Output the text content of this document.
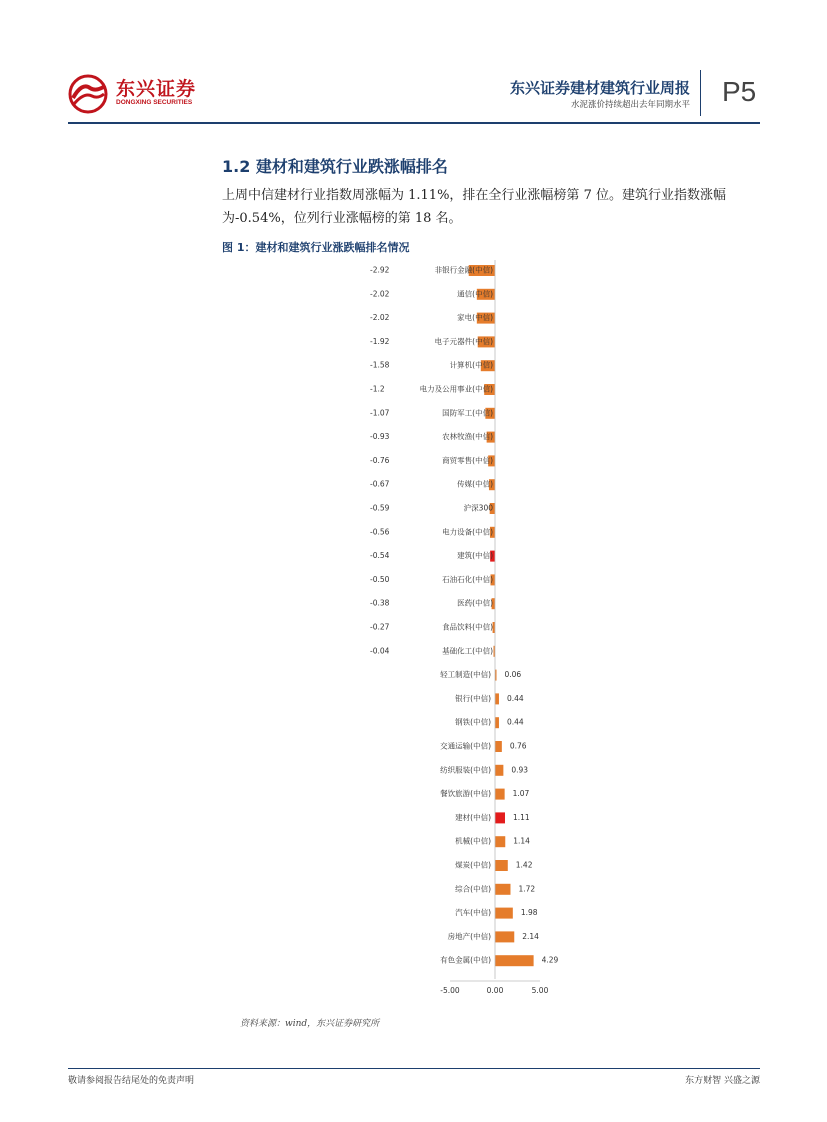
东兴证券
DONGXING SECURITIES
东兴证券建材建筑行业周报
水泥涨价持续超出去年同期水平 P5
1.2 建材和建筑行业跌涨幅排名
上周中信建材行业指数周涨幅为 1.11%，排在全行业涨幅榜第 7 位。建筑行业指数涨幅为-0.54%，位列行业涨幅榜的第 18 名。
图 1：建材和建筑行业涨跌幅排名情况
非银行金融(中信)
-2.92
通信(中信)
-2.02
家电(中信)
-2.02
电子元器件(中信)
-1.92
计算机(中信)
-1.58
电力及公用事业(中信)
-1.2
国防军工(中信)
-1.07
农林牧渔(中信)
-0.93
商贸零售(中信)
-0.76
传媒(中信)
-0.67
沪深300
-0.59
电力设备(中信)
-0.56
建筑(中信)
-0.54
石油石化(中信)
-0.50
医药(中信)
-0.38
食品饮料(中信)
-0.27
基础化工(中信)
-0.04
轻工制造(中信) 0.06
银行(中信) 0.44
钢铁(中信) 0.44
交通运输(中信)	0.76
纺织服装(中信)	0.93
餐饮旅游(中信)	1.07
建材(中信)	1.11
机械(中信)	1.14
煤炭(中信)	1.42
综合(中信)	1.72
汽车(中信)	1.98
房地产(中信)	2.14
有色金属(中信)	4.29
-5.00	0.00	5.00
资料来源：wind，东兴证券研究所
敬请参阅报告结尾处的免责声明	东方财智 兴盛之源
